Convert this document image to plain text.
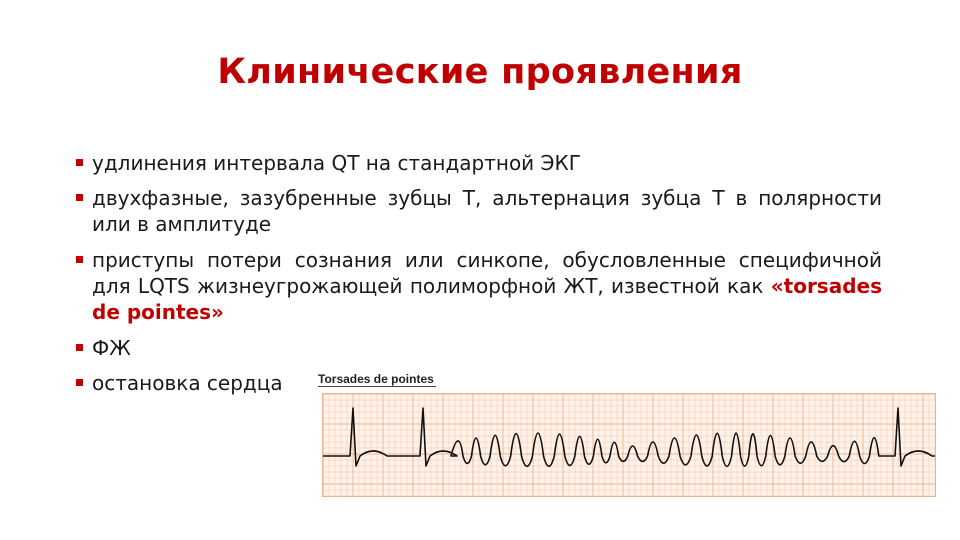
Клинические проявления
удлинения интервала QT на стандартной ЭКГ
двухфазные, зазубренные зубцы T, альтернация зубца T в полярности или в амплитуде
приступы потери сознания или синкопе, обусловленные специфичной для LQTS жизнеугрожающей полиморфной ЖТ, известной как «torsades de pointes»
ФЖ
остановка сердца	Torsades de pointes
